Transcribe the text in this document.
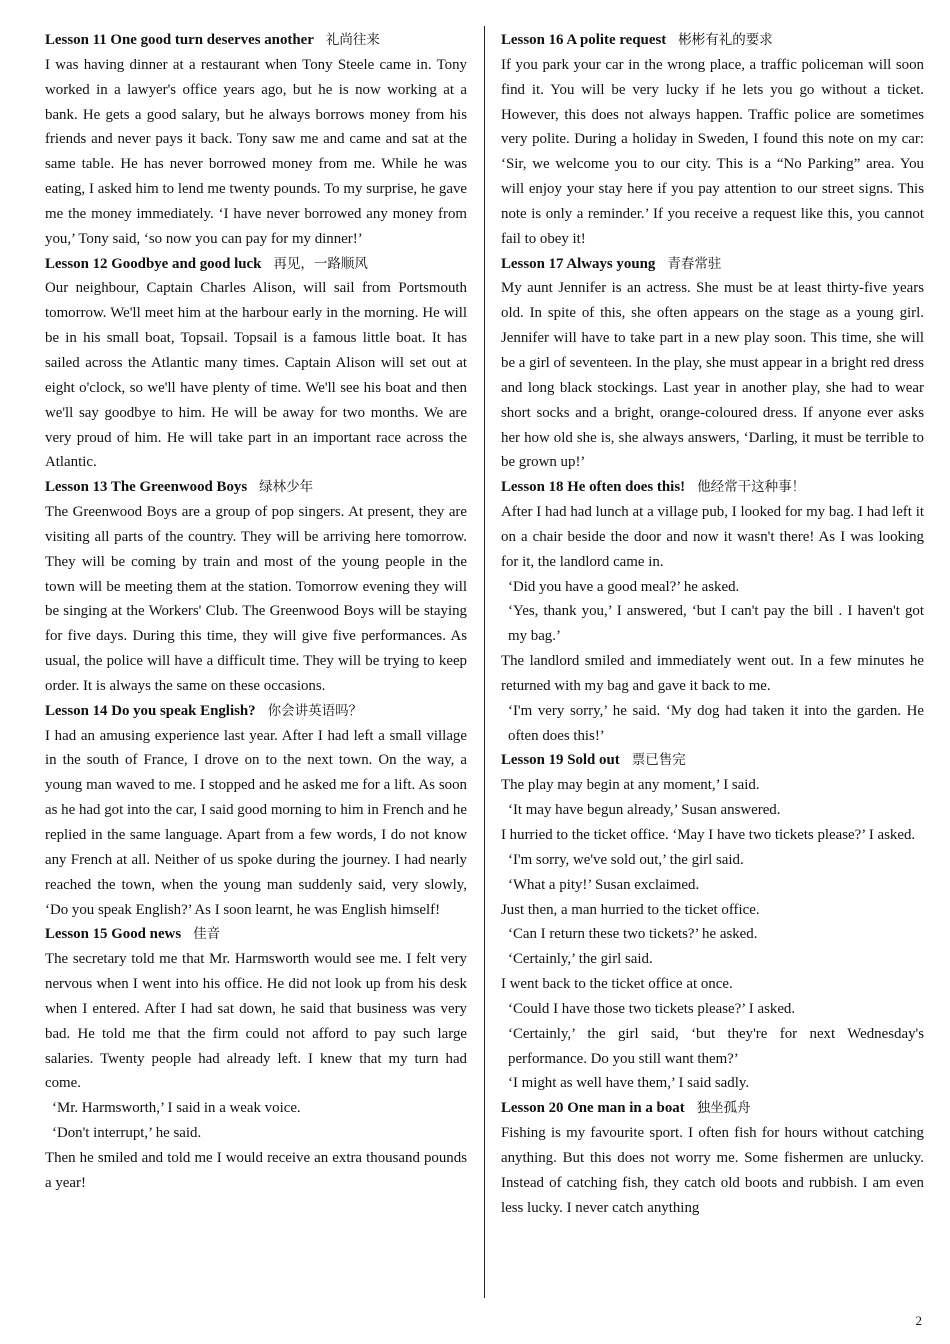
Lesson 11 One good turn deserves another 礼尚往来

I was having dinner at a restaurant when Tony Steele came in. Tony worked in a lawyer's office years ago, but he is now working at a bank. He gets a good salary, but he always borrows money from his friends and never pays it back. Tony saw me and came and sat at the same table. He has never borrowed money from me. While he was eating, I asked him to lend me twenty pounds. To my surprise, he gave me the money immediately. ‘I have never borrowed any money from you,’ Tony said, ‘so now you can pay for my dinner!’

Lesson 12 Goodbye and good luck 再见，一路顺风

Our neighbour, Captain Charles Alison, will sail from Portsmouth tomorrow. We'll meet him at the harbour early in the morning. He will be in his small boat, Topsail. Topsail is a famous little boat. It has sailed across the Atlantic many times. Captain Alison will set out at eight o'clock, so we'll have plenty of time. We'll see his boat and then we'll say goodbye to him. He will be away for two months. We are very proud of him. He will take part in an important race across the Atlantic.

Lesson 13 The Greenwood Boys 绿林少年

The Greenwood Boys are a group of pop singers. At present, they are visiting all parts of the country. They will be arriving here tomorrow. They will be coming by train and most of the young people in the town will be meeting them at the station. Tomorrow evening they will be singing at the Workers' Club. The Greenwood Boys will be staying for five days. During this time, they will give five performances. As usual, the police will have a difficult time. They will be trying to keep order. It is always the same on these occasions.

Lesson 14 Do you speak English? 你会讲英语吗？

I had an amusing experience last year. After I had left a small village in the south of France, I drove on to the next town. On the way, a young man waved to me. I stopped and he asked me for a lift. As soon as he had got into the car, I said good morning to him in French and he replied in the same language. Apart from a few words, I do not know any French at all. Neither of us spoke during the journey. I had nearly reached the town, when the young man suddenly said, very slowly, ‘Do you speak English?’ As I soon learnt, he was English himself!

Lesson 15 Good news 佳音

The secretary told me that Mr. Harmsworth would see me. I felt very nervous when I went into his office. He did not look up from his desk when I entered. After I had sat down, he said that business was very bad. He told me that the firm could not afford to pay such large salaries. Twenty people had already left. I knew that my turn had come.

‘Mr. Harmsworth,’ I said in a weak voice.

‘Don't interrupt,’ he said.

Then he smiled and told me I would receive an extra thousand pounds a year!

Lesson 16 A polite request 彬彬有礼的要求

If you park your car in the wrong place, a traffic policeman will soon find it. You will be very lucky if he lets you go without a ticket. However, this does not always happen. Traffic police are sometimes very polite. During a holiday in Sweden, I found this note on my car: ‘Sir, we welcome you to our city. This is a “No Parking” area. You will enjoy your stay here if you pay attention to our street signs. This note is only a reminder.’ If you receive a request like this, you cannot fail to obey it!

Lesson 17 Always young 青春常驻

My aunt Jennifer is an actress. She must be at least thirty-five years old. In spite of this, she often appears on the stage as a young girl. Jennifer will have to take part in a new play soon. This time, she will be a girl of seventeen. In the play, she must appear in a bright red dress and long black stockings. Last year in another play, she had to wear short socks and a bright, orange-coloured dress. If anyone ever asks her how old she is, she always answers, ‘Darling, it must be terrible to be grown up!’

Lesson 18 He often does this! 他经常干这种事！

After I had had lunch at a village pub, I looked for my bag. I had left it on a chair beside the door and now it wasn't there! As I was looking for it, the landlord came in.

‘Did you have a good meal?’ he asked.

‘Yes, thank you,’ I answered, ‘but I can't pay the bill . I haven't got my bag.’

The landlord smiled and immediately went out. In a few minutes he returned with my bag and gave it back to me.

‘I'm very sorry,’ he said. ‘My dog had taken it into the garden. He often does this!’

Lesson 19 Sold out 票已售完

The play may begin at any moment,’ I said.

‘It may have begun already,’ Susan answered.

I hurried to the ticket office. ‘May I have two tickets please?’ I asked.

‘I'm sorry, we've sold out,’ the girl said.

‘What a pity!’ Susan exclaimed.

Just then, a man hurried to the ticket office.

‘Can I return these two tickets?’ he asked.

‘Certainly,’ the girl said.

I went back to the ticket office at once.

‘Could I have those two tickets please?’ I asked.

‘Certainly,’ the girl said, ‘but they're for next Wednesday's performance. Do you still want them?’

‘I might as well have them,’ I said sadly.

Lesson 20 One man in a boat 独坐孤舟

Fishing is my favourite sport. I often fish for hours without catching anything. But this does not worry me. Some fishermen are unlucky. Instead of catching fish, they catch old boots and rubbish. I am even less lucky. I never catch anything

2
